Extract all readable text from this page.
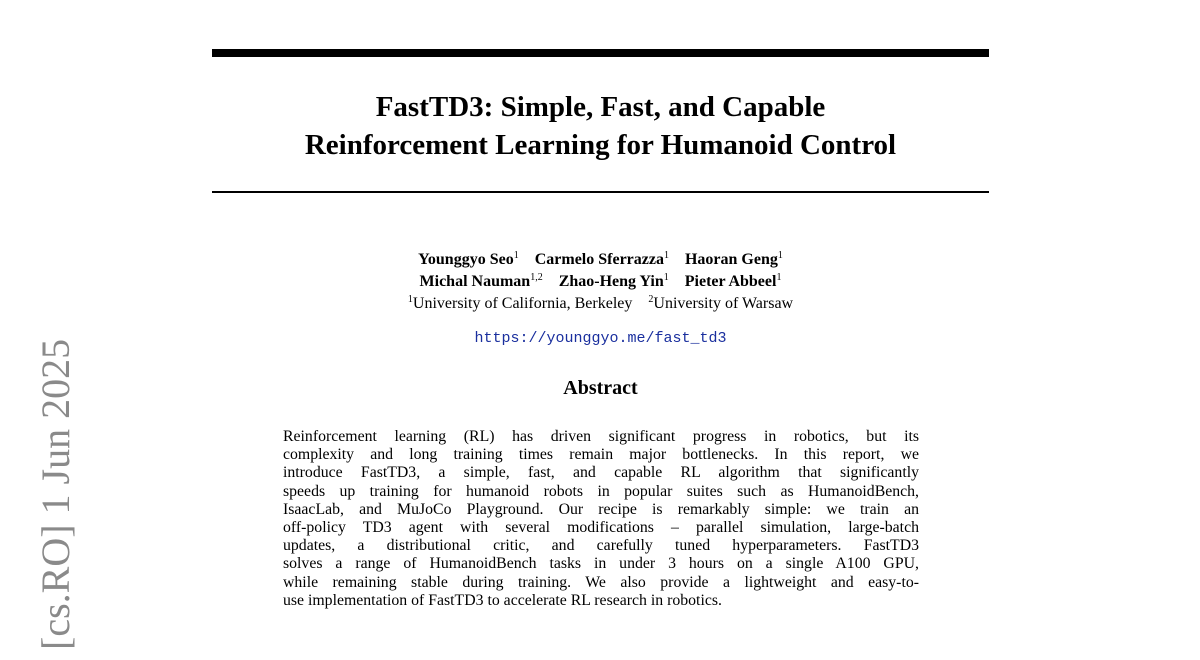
FastTD3: Simple, Fast, and Capable
Reinforcement Learning for Humanoid Control
Younggyo Seo$^1$ Carmelo Sferrazza$^1$ Haoran Geng$^1$
Michal Nauman$^{1,2}$ Zhao-Heng Yin$^1$ Pieter Abbeel$^1$
$^1$University of California, Berkeley $^2$University of Warsaw
https://younggyo.me/fast_td3
Abstract
Reinforcement learning (RL) has driven significant progress in robotics, but its
complexity and long training times remain major bottlenecks. In this report, we
introduce FastTD3, a simple, fast, and capable RL algorithm that significantly
speeds up training for humanoid robots in popular suites such as HumanoidBench,
IsaacLab, and MuJoCo Playground. Our recipe is remarkably simple: we train an
off-policy TD3 agent with several modifications – parallel simulation, large-batch
updates, a distributional critic, and carefully tuned hyperparameters. FastTD3
solves a range of HumanoidBench tasks in under 3 hours on a single A100 GPU,
while remaining stable during training. We also provide a lightweight and easy-to-
use implementation of FastTD3 to accelerate RL research in robotics.
[cs.RO] 1 Jun 2025
